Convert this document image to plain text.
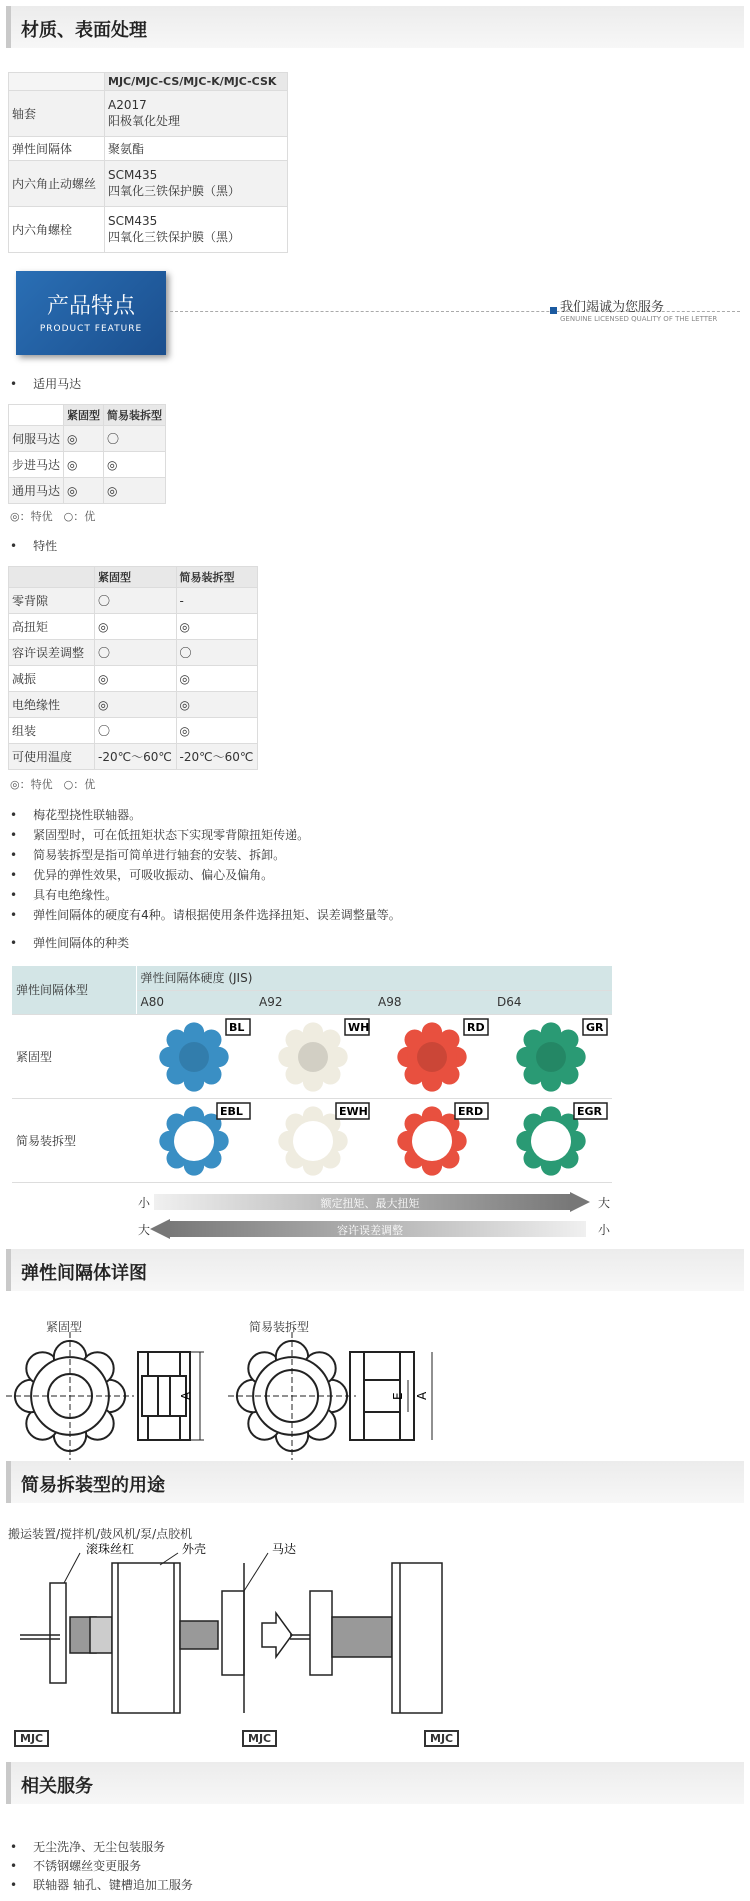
材质、表面处理
	MJC/MJC-CS/MJC-K/MJC-CSK
轴套	A2017
阳极氧化处理

弹性间隔体	聚氨酯
内六角止动螺丝	SCM435
四氧化三铁保护膜（黑）

内六角螺栓	SCM435
四氧化三铁保护膜（黑）
产品特点
PRODUCT FEATURE
我们竭诚为您服务
GENUINE LICENSED QUALITY OF THE LETTER
• 适用马达
	紧固型	简易装拆型
伺服马达	◎	〇
步进马达	◎	◎
通用马达	◎	◎
◎：特优　○：优
• 特性
	紧固型	简易装拆型
零背隙	〇	-
高扭矩	◎	◎
容许误差调整	〇	〇
减振	◎	◎
电绝缘性	◎	◎
组装	〇	◎
可使用温度	-20℃～60℃	-20℃～60℃
◎：特优　○：优
• 梅花型挠性联轴器。
• 紧固型时，可在低扭矩状态下实现零背隙扭矩传递。
• 简易装拆型是指可简单进行轴套的安装、拆卸。
• 优异的弹性效果，可吸收振动、偏心及偏角。
• 具有电绝缘性。
• 弹性间隔体的硬度有4种。请根据使用条件选择扭矩、误差调整量等。
• 弹性间隔体的种类
弹性间隔体型	弹性间隔体硬度 (JIS)			
	A80	A92	A98	D64
紧固型	BL	WH	RD	GR

简易装拆型	EBL	EWH	ERD	EGR
小	额定扭矩、最大扭矩	大
大	容许误差调整	小
弹性间隔体详图
紧固型	简易装拆型
A	E A
简易拆装型的用途
搬运装置/搅拌机/鼓风机/泵/点胶机
滚珠丝杠	外壳	马达
MJC	MJC	MJC
相关服务
• 无尘洗净、无尘包装服务
• 不锈钢螺丝变更服务
• 联轴器 轴孔、键槽追加工服务
